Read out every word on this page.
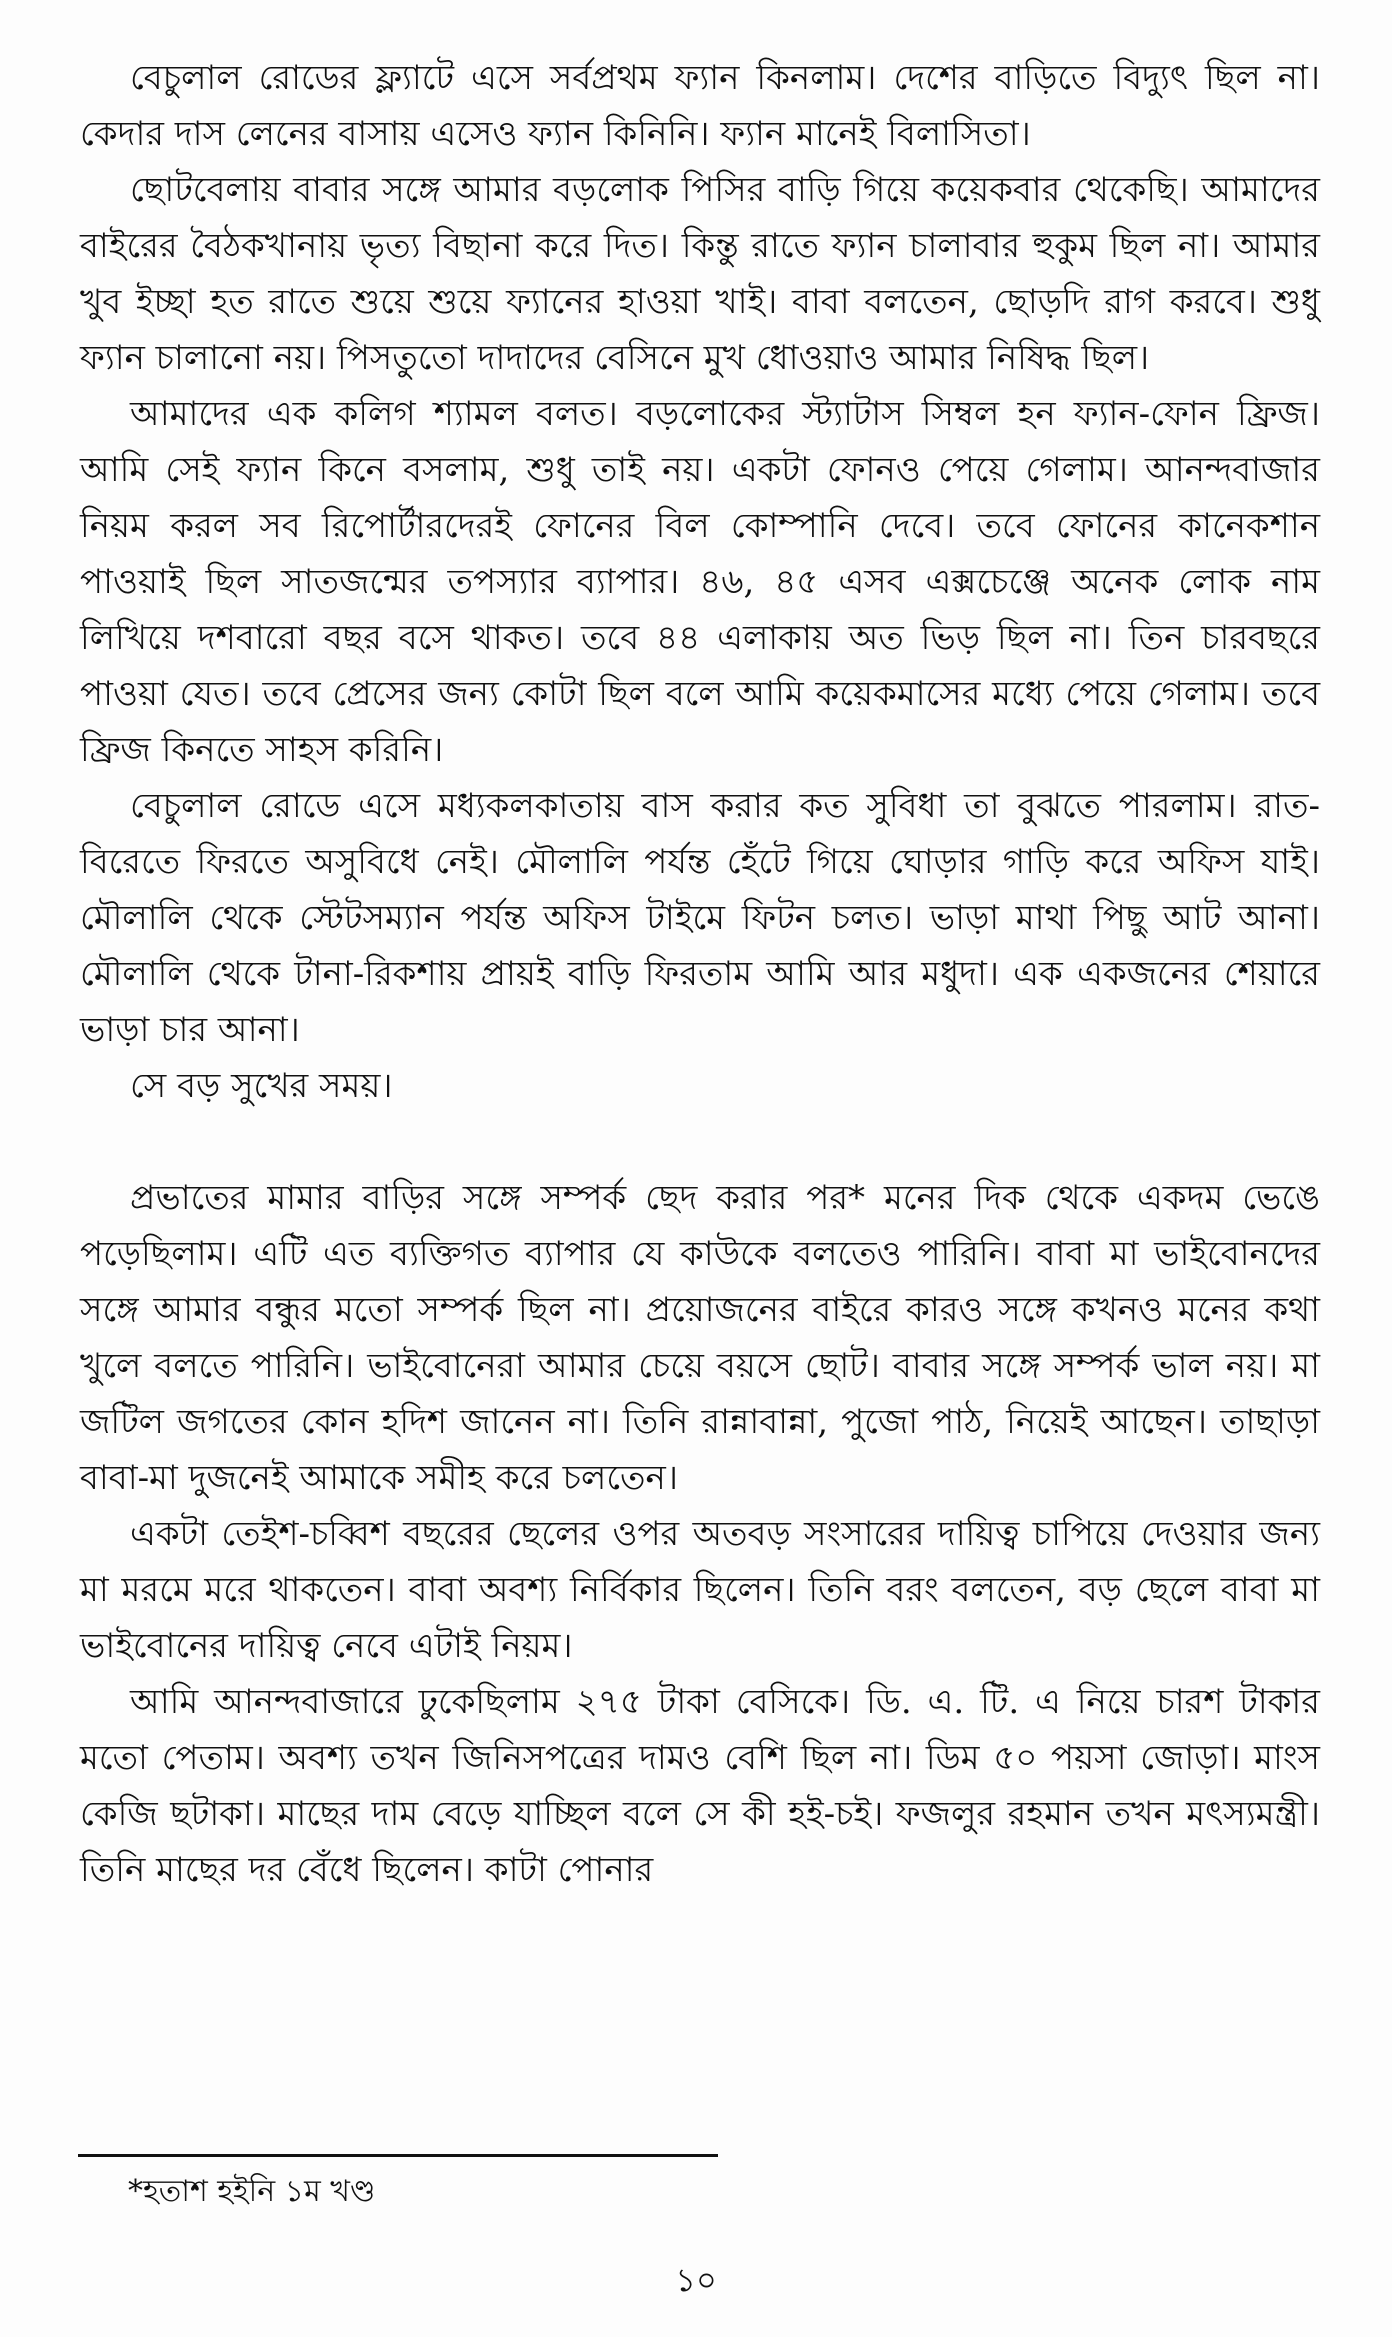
বেচুলাল রোডের ফ্ল্যাটে এসে সর্বপ্রথম ফ্যান কিনলাম। দেশের বাড়িতে বিদ্যুৎ ছিল না। কেদার দাস লেনের বাসায় এসেও ফ্যান কিনিনি। ফ্যান মানেই বিলাসিতা।

ছোটবেলায় বাবার সঙ্গে আমার বড়লোক পিসির বাড়ি গিয়ে কয়েকবার থেকেছি। আমাদের বাইরের বৈঠকখানায় ভৃত্য বিছানা করে দিত। কিন্তু রাতে ফ্যান চালাবার হুকুম ছিল না। আমার খুব ইচ্ছা হত রাতে শুয়ে শুয়ে ফ্যানের হাওয়া খাই। বাবা বলতেন, ছোড়দি রাগ করবে। শুধু ফ্যান চালানো নয়। পিসতুতো দাদাদের বেসিনে মুখ ধোওয়াও আমার নিষিদ্ধ ছিল।

আমাদের এক কলিগ শ্যামল বলত। বড়লোকের স্ট্যাটাস সিম্বল হন ফ্যান-ফোন ফ্রিজ। আমি সেই ফ্যান কিনে বসলাম, শুধু তাই নয়। একটা ফোনও পেয়ে গেলাম। আনন্দবাজার নিয়ম করল সব রিপোর্টারদেরই ফোনের বিল কোম্পানি দেবে। তবে ফোনের কানেকশান পাওয়াই ছিল সাতজন্মের তপস্যার ব্যাপার। ৪৬, ৪৫ এসব এক্সচেঞ্জে অনেক লোক নাম লিখিয়ে দশবারো বছর বসে থাকত। তবে ৪৪ এলাকায় অত ভিড় ছিল না। তিন চারবছরে পাওয়া যেত। তবে প্রেসের জন্য কোটা ছিল বলে আমি কয়েকমাসের মধ্যে পেয়ে গেলাম। তবে ফ্রিজ কিনতে সাহস করিনি।

বেচুলাল রোডে এসে মধ্যকলকাতায় বাস করার কত সুবিধা তা বুঝতে পারলাম। রাত-বিরেতে ফিরতে অসুবিধে নেই। মৌলালি পর্যন্ত হেঁটে গিয়ে ঘোড়ার গাড়ি করে অফিস যাই। মৌলালি থেকে স্টেটসম্যান পর্যন্ত অফিস টাইমে ফিটন চলত। ভাড়া মাথা পিছু আট আনা। মৌলালি থেকে টানা-রিকশায় প্রায়ই বাড়ি ফিরতাম আমি আর মধুদা। এক একজনের শেয়ারে ভাড়া চার আনা।

সে বড় সুখের সময়।

প্রভাতের মামার বাড়ির সঙ্গে সম্পর্ক ছেদ করার পর* মনের দিক থেকে একদম ভেঙে পড়েছিলাম। এটি এত ব্যক্তিগত ব্যাপার যে কাউকে বলতেও পারিনি। বাবা মা ভাইবোনদের সঙ্গে আমার বন্ধুর মতো সম্পর্ক ছিল না। প্রয়োজনের বাইরে কারও সঙ্গে কখনও মনের কথা খুলে বলতে পারিনি। ভাইবোনেরা আমার চেয়ে বয়সে ছোট। বাবার সঙ্গে সম্পর্ক ভাল নয়। মা জটিল জগতের কোন হদিশ জানেন না। তিনি রান্নাবান্না, পুজো পাঠ, নিয়েই আছেন। তাছাড়া বাবা-মা দুজনেই আমাকে সমীহ করে চলতেন।

একটা তেইশ-চব্বিশ বছরের ছেলের ওপর অতবড় সংসারের দায়িত্ব চাপিয়ে দেওয়ার জন্য মা মরমে মরে থাকতেন। বাবা অবশ্য নির্বিকার ছিলেন। তিনি বরং বলতেন, বড় ছেলে বাবা মা ভাইবোনের দায়িত্ব নেবে এটাই নিয়ম।

আমি আনন্দবাজারে ঢুকেছিলাম ২৭৫ টাকা বেসিকে। ডি. এ. টি. এ নিয়ে চারশ টাকার মতো পেতাম। অবশ্য তখন জিনিসপত্রের দামও বেশি ছিল না। ডিম ৫০ পয়সা জোড়া। মাংস কেজি ছটাকা। মাছের দাম বেড়ে যাচ্ছিল বলে সে কী হই-চই। ফজলুর রহমান তখন মৎস্যমন্ত্রী। তিনি মাছের দর বেঁধে ছিলেন। কাটা পোনার

*হতাশ হইনি ১ম খণ্ড
১০
